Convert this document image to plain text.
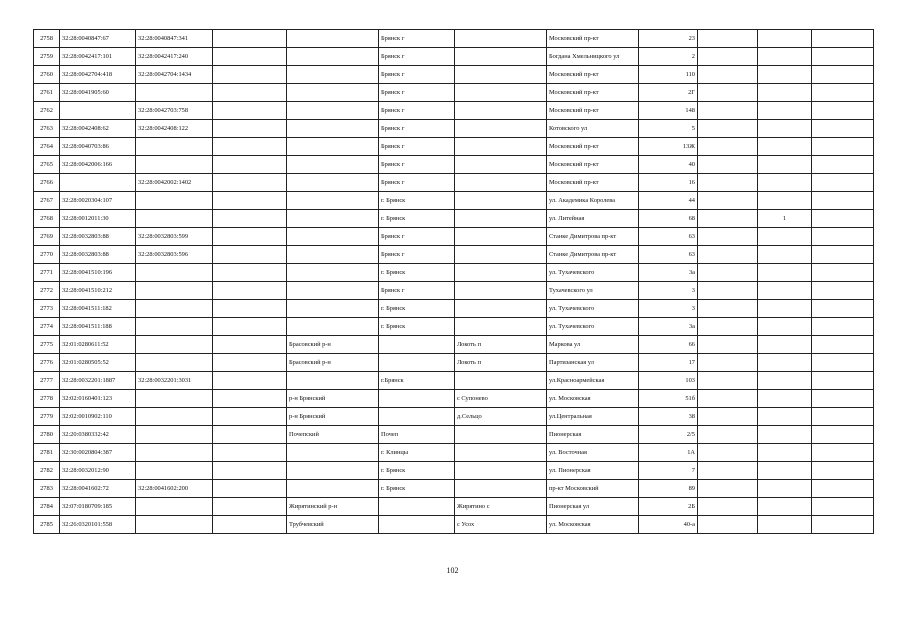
2758	32:28:0040847:67	32:28:0040847:341			Брянск г		Московский пр-кт	23			
2759	32:28:0042417:101	32:28:0042417:240			Брянск г		Богдана Хмельницкого ул	2			
2760	32:28:0042704:418	32:28:0042704:1434			Брянск г		Московский пр-кт	110			
2761	32:28:0041905:60				Брянск г		Московский пр-кт	2Г			
2762		32:28:0042703:758			Брянск г		Московский пр-кт	148			
2763	32:28:0042408:62	32:28:0042408:122			Брянск г		Котовского ул	5			
2764	32:28:0040703:86				Брянск г		Московский пр-кт	13Ж			
2765	32:28:0042006:166				Брянск г		Московский пр-кт	40			
2766		32:28:0042002:1402			Брянск г		Московский пр-кт	16			
2767	32:28:0020304:107				г. Брянск		ул. Академика Королева	44			
2768	32:28:0012011:30				г. Брянск		ул. Литейная	68		1	
2769	32:28:0032803:88	32:28:0032803:599			Брянск г		Станке Димитрова пр-кт	63			
2770	32:28:0032803:88	32:28:0032803:596			Брянск г		Станке Димитрова пр-кт	63			
2771	32:28:0041510:196				г. Брянск		ул. Тухачевского	3а			
2772	32:28:0041510:212				Брянск г		Тухачевского ул	3			
2773	32:28:0041511:182				г. Брянск		ул. Тухачевского	3			
2774	32:28:0041511:188				г. Брянск		ул. Тухачевского	3а			
2775	32:01:0280611:52			Брасовский р-н		Локоть п	Маркова ул	66			
2776	32:01:0280505:52			Брасовский р-н		Локоть п	Партизанская ул	17			
2777	32:28:0032201:1887	32:28:0032201:3031			г.Брянск		ул.Красноармейская	103			
2778	32:02:0160401:123			р-н Брянский		с Супонево	ул. Московская	51б			
2779	32:02:0010902:110			р-н Брянский		д.Сельцо	ул.Центральная	38			
2780	32:20:0380332:42			Почепский	Почеп		Пионерская	2/5			
2781	32:30:0020804:387				г. Клинцы		ул. Восточная	1А			
2782	32:28:0032012:90				г. Брянск		ул. Пионерская	7			
2783	32:28:0041602:72	32:28:0041602:200			г. Брянск		пр-кт Московский	89			
2784	32:07:0180709:185			Жирятинский р-н		Жирятино с	Пионерская ул	2Б			
2785	32:26:0320101:558			Трубчевский		с Усох	ул. Московская	40-а			
102
